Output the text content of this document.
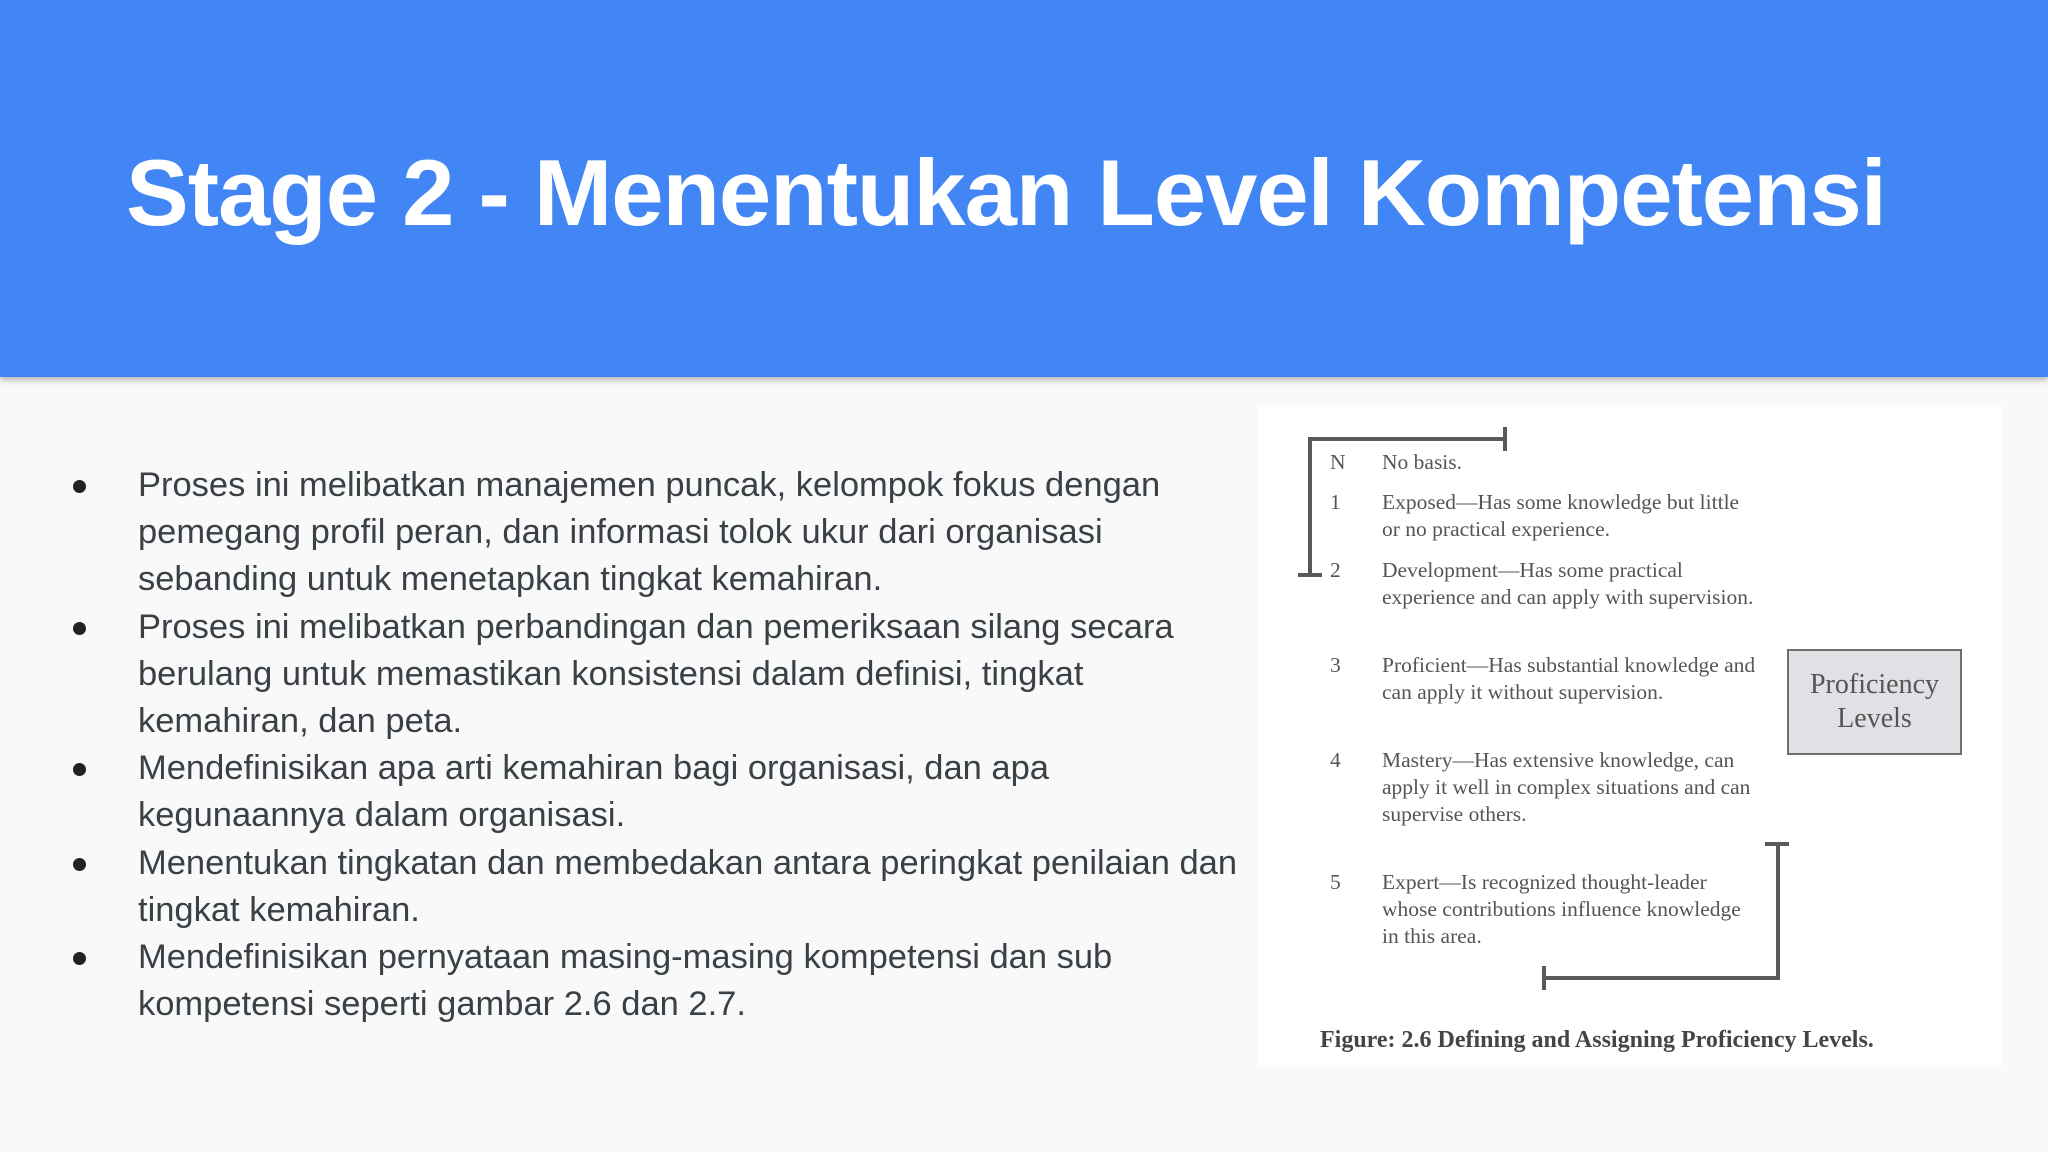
Stage 2 - Menentukan Level Kompetensi
Proses ini melibatkan manajemen puncak, kelompok fokus dengan pemegang profil peran, dan informasi tolok ukur dari organisasi sebanding untuk menetapkan tingkat kemahiran.
Proses ini melibatkan perbandingan dan pemeriksaan silang secara berulang untuk memastikan konsistensi dalam definisi, tingkat kemahiran, dan peta.
Mendefinisikan apa arti kemahiran bagi organisasi, dan apa kegunaannya dalam organisasi.
Menentukan tingkatan dan membedakan antara peringkat penilaian dan tingkat kemahiran.
Mendefinisikan pernyataan masing-masing kompetensi dan sub kompetensi seperti gambar 2.6 dan 2.7.
N	No basis.
1	Exposed—Has some knowledge but little or no practical experience.
2	Development—Has some practical experience and can apply with supervision.
3	Proficient—Has substantial knowledge and can apply it without supervision.
4	Mastery—Has extensive knowledge, can apply it well in complex situations and can supervise others.
5	Expert—Is recognized thought-leader whose contributions influence knowledge in this area.
Proficiency Levels
Figure: 2.6 Defining and Assigning Proficiency Levels.
